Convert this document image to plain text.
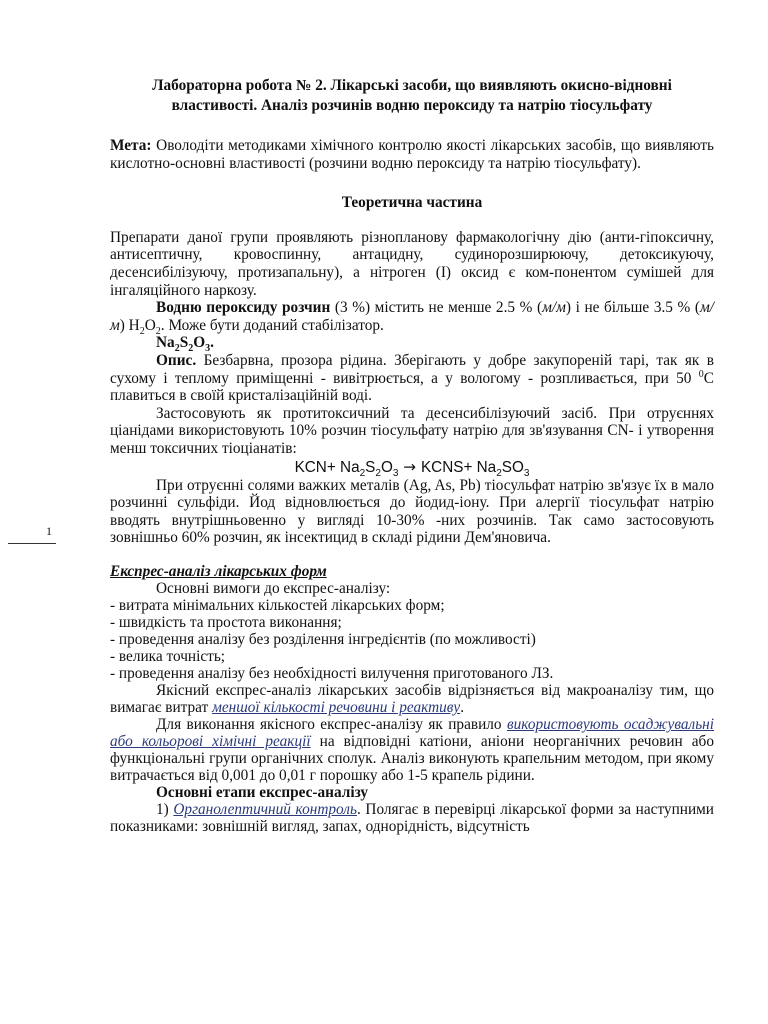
1

Лабораторна робота № 2. Лікарські засоби, що виявляють окисно-відновні властивості. Аналіз розчинів водню пероксиду та натрію тіосульфату

Мета: Оволодіти методиками хімічного контролю якості лікарських засобів, що виявляють кислотно-основні властивості (розчини водню пероксиду та натрію тіосульфату).

Теоретична частина

Препарати даної групи проявляють різнопланову фармакологічну дію (анти-гіпоксичну, антисептичну, кровоспинну, антацидну, судинорозширюючу, детоксикуючу, десенсибілізуючу, протизапальну), а нітроген (I) оксид є ком-понентом сумішей для інгаляційного наркозу.

Водню пероксиду розчин (3 %) містить не менше 2.5 % (м/м) і не більше 3.5 % (м/м) $H_2O_2$. Може бути доданий стабілізатор.

$Na_2S_2O_3$.

Опис. Безбарвна, прозора рідина. Зберігають у добре закупореній тарі, так як в сухому і теплому приміщенні - вивітрюється, а у вологому - розпливається, при 50 $^0$С плавиться в своїй кристалізаційній воді.

Застосовують як протитоксичний та десенсибілізуючий засіб. При отруєннях ціанідами використовують 10% розчин тіосульфату натрію для зв'язування CN- і утворення менш токсичних тіоціанатів:

$KCN+ Na_2S_2O_3$ → KCNS+ $Na_2SO_3$

При отруєнні солями важких металів (Ag, As, Pb) тіосульфат натрію зв'язує їх в мало розчинні сульфіди. Йод відновлюється до йодид-іону. При алергії тіосульфат натрію вводять внутрішньовенно у вигляді 10-30% -них розчинів. Так само застосовують зовнішньо 60% розчин, як інсектицид в складі рідини Дем'яновича.

Експрес-аналіз лікарських форм

Основні вимоги до експрес-аналізу:

- витрата мінімальних кількостей лікарських форм;

- швидкість та простота виконання;

- проведення аналізу без розділення інгредієнтів (по можливості)

- велика точність;

- проведення аналізу без необхідності вилучення приготованого ЛЗ.

Якісний експрес-аналіз лікарських засобів відрізняється від макроаналізу тим, що вимагає витрат меншої кількості речовини і реактиву.

Для виконання якісного експрес-аналізу як правило використовують осаджувальні або кольорові хімічні реакції на відповідні катіони, аніони неорганічних речовин або функціональні групи органічних сполук. Аналіз виконують крапельним методом, при якому витрачається від 0,001 до 0,01 г порошку або 1-5 крапель рідини.

Основні етапи експрес-аналізу

1) Органолептичний контроль. Полягає в перевірці лікарської форми за наступними показниками: зовнішній вигляд, запах, однорідність, відсутність
